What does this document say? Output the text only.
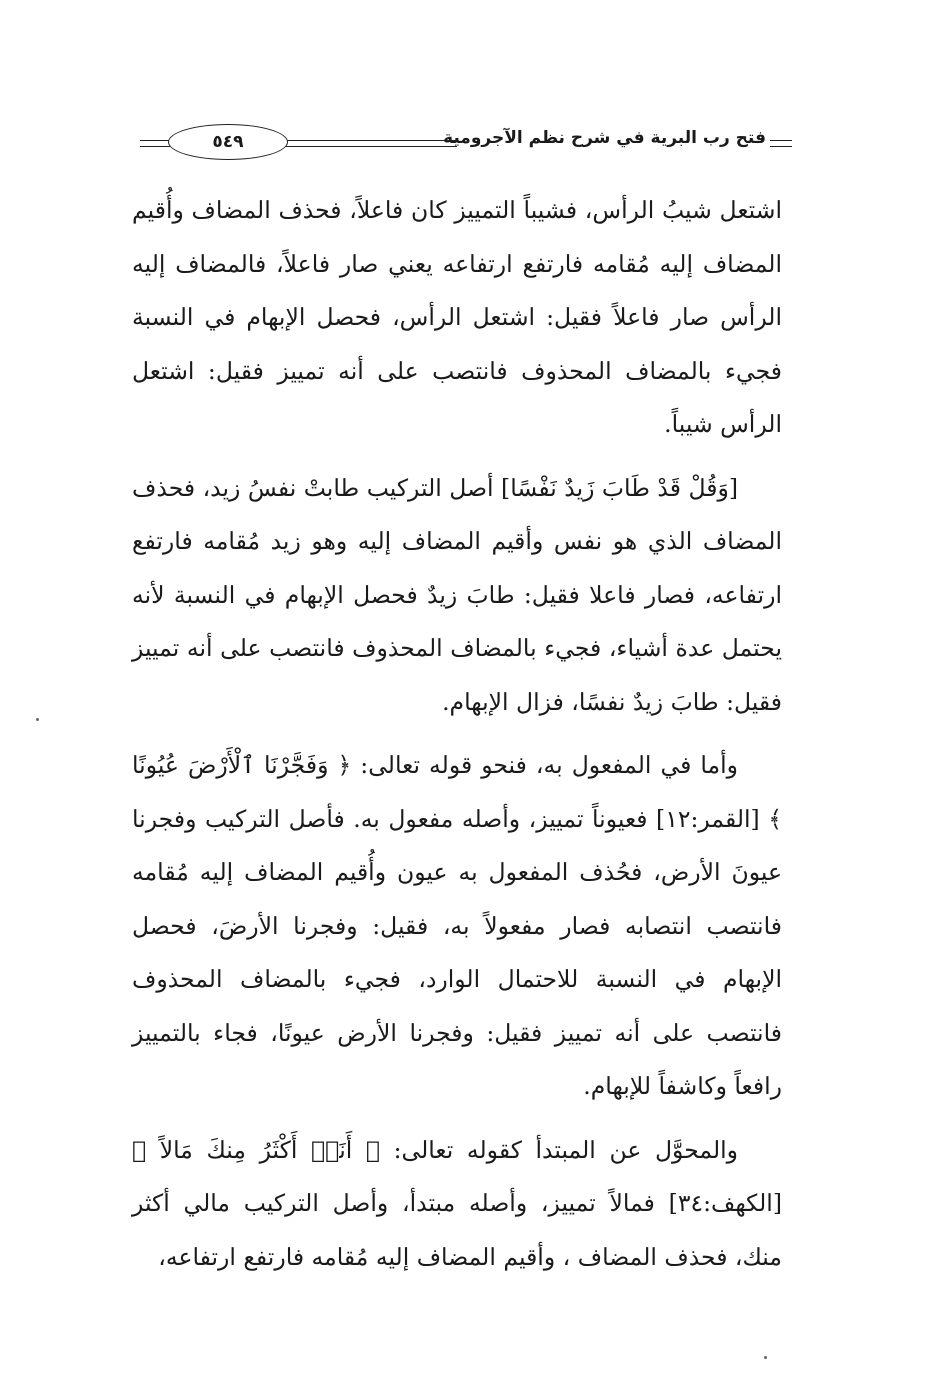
فتح رب البرية في شرح نظم الآجرومية
٥٤٩

اشتعل شيبُ الرأس، فشيباً التمييز كان فاعلاً، فحذف المضاف وأُقيم المضاف إليه مُقامه فارتفع ارتفاعه يعني صار فاعلاً، فالمضاف إليه الرأس صار فاعلاً فقيل: اشتعل الرأس، فحصل الإبهام في النسبة فجيء بالمضاف المحذوف فانتصب على أنه تمييز فقيل: اشتعل الرأس شيباً.

[وَقُلْ قَدْ طَابَ زَيدٌ نَفْسًا] أصل التركيب طابتْ نفسُ زيد، فحذف المضاف الذي هو نفس وأقيم المضاف إليه وهو زيد مُقامه فارتفع ارتفاعه، فصار فاعلا فقيل: طابَ زيدٌ فحصل الإبهام في النسبة لأنه يحتمل عدة أشياء، فجيء بالمضاف المحذوف فانتصب على أنه تمييز فقيل: طابَ زيدٌ نفسًا، فزال الإبهام.

وأما في المفعول به، فنحو قوله تعالى: ﴿ وَفَجَّرْنَا ٱلْأَرْضَ عُيُونًا ﴾ [القمر:١٢] فعيوناً تمييز، وأصله مفعول به. فأصل التركيب وفجرنا عيونَ الأرض، فحُذف المفعول به عيون وأُقيم المضاف إليه مُقامه فانتصب انتصابه فصار مفعولاً به، فقيل: وفجرنا الأرضَ، فحصل الإبهام في النسبة للاحتمال الوارد، فجيء بالمضاف المحذوف فانتصب على أنه تمييز فقيل: وفجرنا الأرض عيونًا، فجاء بالتمييز رافعاً وكاشفاً للإبهام.

والمحوَّل عن المبتدأ كقوله تعالى: ﴿ أَنَا۠ أَكْثَرُ مِنكَ مَالاً ﴾ [الكهف:٣٤] فمالاً تمييز، وأصله مبتدأ، وأصل التركيب مالي أكثر منك، فحذف المضاف ، وأقيم المضاف إليه مُقامه فارتفع ارتفاعه،
